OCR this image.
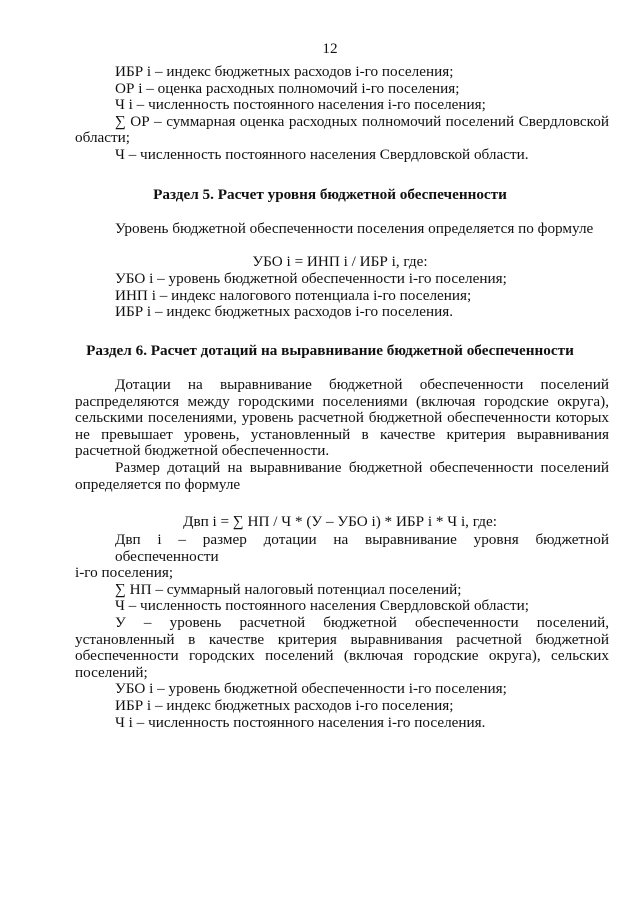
12

ИБР i – индекс бюджетных расходов i-го поселения;

ОР i – оценка расходных полномочий i-го поселения;

Ч i – численность постоянного населения i-го поселения;

∑ ОР – суммарная оценка расходных полномочий поселений Свердловской

области;

Ч – численность постоянного населения Свердловской области.

Раздел 5. Расчет уровня бюджетной обеспеченности

Уровень бюджетной обеспеченности поселения определяется по формуле

УБО i = ИНП i / ИБР i, где:

УБО i – уровень бюджетной обеспеченности i-го поселения;

ИНП i – индекс налогового потенциала i-го поселения;

ИБР i – индекс бюджетных расходов i-го поселения.

Раздел 6. Расчет дотаций на выравнивание бюджетной обеспеченности

Дотации на выравнивание бюджетной обеспеченности поселений

распределяются между городскими поселениями (включая городские округа),

сельскими поселениями, уровень расчетной бюджетной обеспеченности которых

не превышает уровень, установленный в качестве критерия выравнивания

расчетной бюджетной обеспеченности.

Размер дотаций на выравнивание бюджетной обеспеченности поселений

определяется по формуле

Двп i = ∑ НП / Ч * (У – УБО i) * ИБР i * Ч i, где:

Двп i – размер дотации на выравнивание уровня бюджетной обеспеченности

i-го поселения;

∑ НП – суммарный налоговый потенциал поселений;

Ч – численность постоянного населения Свердловской области;

У – уровень расчетной бюджетной обеспеченности поселений,

установленный в качестве критерия выравнивания расчетной бюджетной

обеспеченности городских поселений (включая городские округа), сельских

поселений;

УБО i – уровень бюджетной обеспеченности i-го поселения;

ИБР i – индекс бюджетных расходов i-го поселения;

Ч i – численность постоянного населения i-го поселения.
